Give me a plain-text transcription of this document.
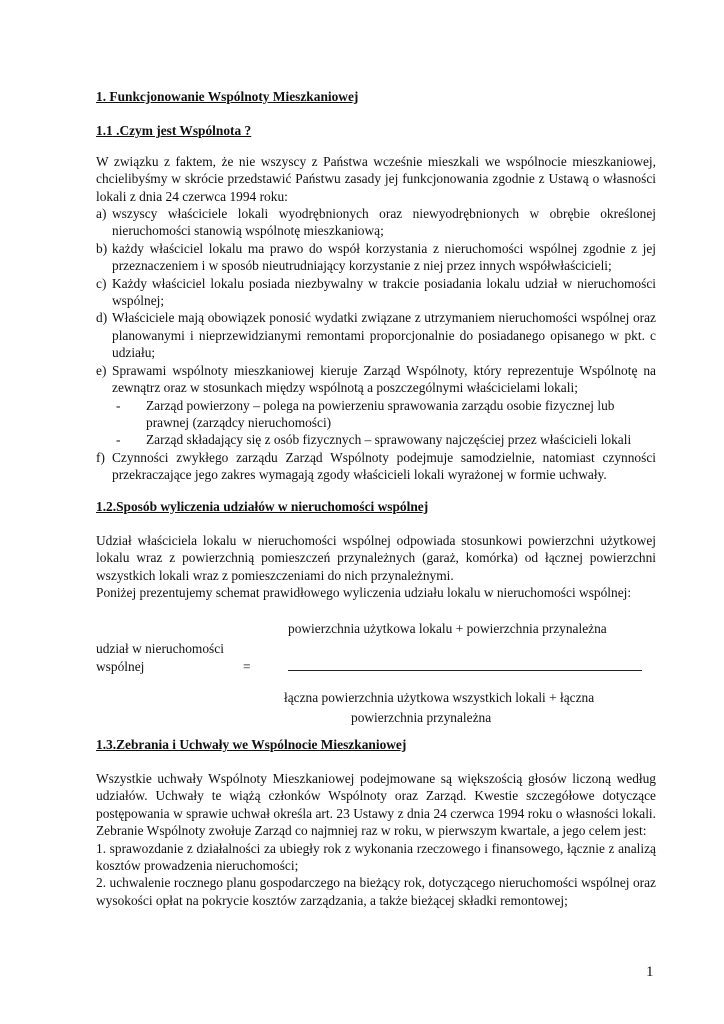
1. Funkcjonowanie Wspólnoty Mieszkaniowej
1.1 .Czym jest Wspólnota ?

W związku z faktem, że nie wszyscy z Państwa wcześnie mieszkali we wspólnocie mieszkaniowej, chcielibyśmy w skrócie przedstawić Państwu zasady jej funkcjonowania zgodnie z Ustawą o własności lokali z dnia 24 czerwca 1994 roku:

a) wszyscy właściciele lokali wyodrębnionych oraz niewyodrębnionych w obrębie określonej nieruchomości stanowią wspólnotę mieszkaniową;
b) każdy właściciel lokalu ma prawo do współ korzystania z nieruchomości wspólnej zgodnie z jej przeznaczeniem i w sposób nieutrudniający korzystanie z niej przez innych współwłaścicieli;
c) Każdy właściciel lokalu posiada niezbywalny w trakcie posiadania lokalu udział w nieruchomości wspólnej;
d) Właściciele mają obowiązek ponosić wydatki związane z utrzymaniem nieruchomości wspólnej oraz planowanymi i nieprzewidzianymi remontami proporcjonalnie do posiadanego opisanego w pkt. c udziału;
e) Sprawami wspólnoty mieszkaniowej kieruje Zarząd Wspólnoty, który reprezentuje Wspólnotę na zewnątrz oraz w stosunkach między wspólnotą a poszczególnymi właścicielami lokali;
-	Zarząd powierzony – polega na powierzeniu sprawowania zarządu osobie fizycznej lub prawnej (zarządcy nieruchomości)
-	Zarząd składający się z osób fizycznych – sprawowany najczęściej przez właścicieli lokali
f) Czynności zwykłego zarządu Zarząd Wspólnoty podejmuje samodzielnie, natomiast czynności przekraczające jego zakres wymagają zgody właścicieli lokali wyrażonej w formie uchwały.
1.2.Sposób wyliczenia udziałów w nieruchomości wspólnej

Udział właściciela lokalu w nieruchomości wspólnej odpowiada stosunkowi powierzchni użytkowej lokalu wraz z powierzchnią pomieszczeń przynależnych (garaż, komórka) od łącznej powierzchni wszystkich lokali wraz z pomieszczeniami do nich przynależnymi.

Poniżej prezentujemy schemat prawidłowego wyliczenia udziału lokalu w nieruchomości wspólnej:

powierzchnia użytkowa lokalu + powierzchnia przynależna
udział w nieruchomości
wspólnej	=
łączna powierzchnia użytkowa wszystkich lokali + łączna
powierzchnia przynależna
1.3.Zebrania i Uchwały we Wspólnocie Mieszkaniowej

Wszystkie uchwały Wspólnoty Mieszkaniowej podejmowane są większością głosów liczoną według udziałów. Uchwały te wiążą członków Wspólnoty oraz Zarząd. Kwestie szczegółowe dotyczące postępowania w sprawie uchwał określa art. 23 Ustawy z dnia 24 czerwca 1994 roku o własności lokali. Zebranie Wspólnoty zwołuje Zarząd co najmniej raz w roku, w pierwszym kwartale, a jego celem jest:

1. sprawozdanie z działalności za ubiegły rok z wykonania rzeczowego i finansowego, łącznie z analizą kosztów prowadzenia nieruchomości;

2. uchwalenie rocznego planu gospodarczego na bieżący rok, dotyczącego nieruchomości wspólnej oraz wysokości opłat na pokrycie kosztów zarządzania, a także bieżącej składki remontowej;

1
